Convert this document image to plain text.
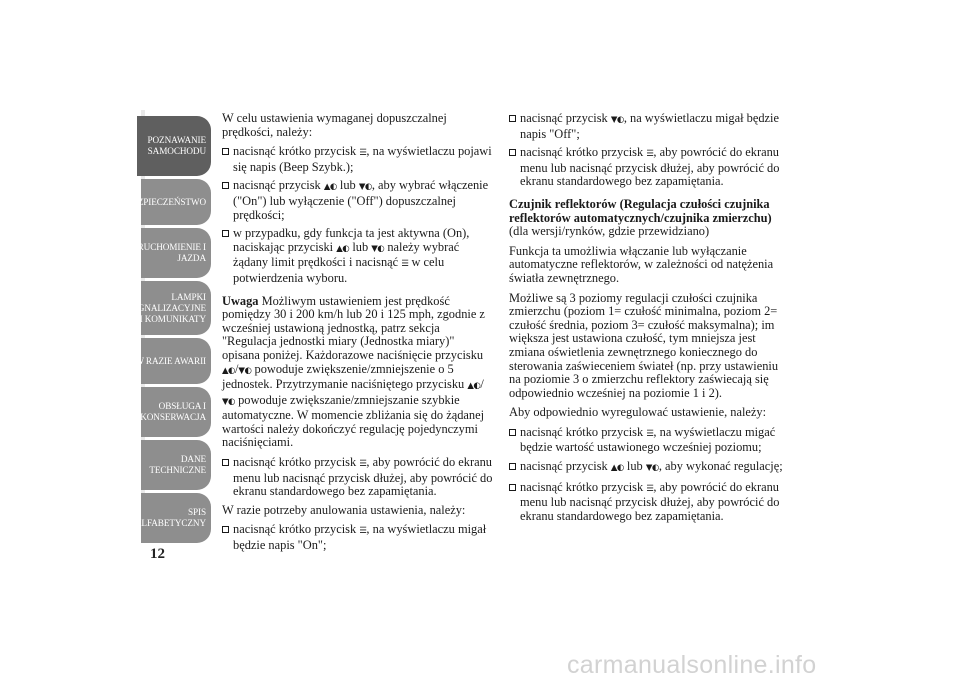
POZNAWANIE
SAMOCHODU
BEZPIECZEŃSTWO
URUCHOMIENIE I
JAZDA
LAMPKI
SYGNALIZACYJNE
I KOMUNIKATY
W RAZIE AWARII
OBSŁUGA I
KONSERWACJA
DANE
TECHNICZNE
SPIS
ALFABETYCZNY
12

W celu ustawienia wymaganej dopuszczalnej prędkości, należy:

nacisnąć krótko przycisk ☰, na wyświetlaczu pojawi się napis (Beep Szybk.);
nacisnąć przycisk ▲◐ lub ▼◐, aby wybrać włączenie ("On") lub wyłączenie ("Off") dopuszczalnej prędkości;
w przypadku, gdy funkcja ta jest aktywna (On), naciskając przyciski ▲◐ lub ▼◐ należy wybrać żądany limit prędkości i nacisnąć ☰ w celu potwierdzenia wyboru.

Uwaga Możliwym ustawieniem jest prędkość pomiędzy 30 i 200 km/h lub 20 i 125 mph, zgodnie z wcześniej ustawioną jednostką, patrz sekcja "Regulacja jednostki miary (Jednostka miary)" opisana poniżej. Każdorazowe naciśnięcie przycisku ▲◐/▼◐ powoduje zwiększenie/zmniejszenie o 5 jednostek. Przytrzymanie naciśniętego przycisku ▲◐/▼◐ powoduje zwiększanie/zmniejszanie szybkie automatyczne. W momencie zbliżania się do żądanej wartości należy dokończyć regulację pojedynczymi naciśnięciami.

nacisnąć krótko przycisk ☰, aby powrócić do ekranu menu lub nacisnąć przycisk dłużej, aby powrócić do ekranu standardowego bez zapamiętania.

W razie potrzeby anulowania ustawienia, należy:

nacisnąć krótko przycisk ☰, na wyświetlaczu migał będzie napis "On";
nacisnąć przycisk ▼◐, na wyświetlaczu migał będzie napis "Off";
nacisnąć krótko przycisk ☰, aby powrócić do ekranu menu lub nacisnąć przycisk dłużej, aby powrócić do ekranu standardowego bez zapamiętania.

Czujnik reflektorów (Regulacja czułości czujnika reflektorów automatycznych/czujnika zmierzchu)

(dla wersji/rynków, gdzie przewidziano)

Funkcja ta umożliwia włączanie lub wyłączanie automatyczne reflektorów, w zależności od natężenia światła zewnętrznego.

Możliwe są 3 poziomy regulacji czułości czujnika zmierzchu (poziom 1= czułość minimalna, poziom 2= czułość średnia, poziom 3= czułość maksymalna); im większa jest ustawiona czułość, tym mniejsza jest zmiana oświetlenia zewnętrznego koniecznego do sterowania zaświeceniem świateł (np. przy ustawieniu na poziomie 3 o zmierzchu reflektory zaświecają się odpowiednio wcześniej na poziomie 1 i 2).

Aby odpowiednio wyregulować ustawienie, należy:

nacisnąć krótko przycisk ☰, na wyświetlaczu migać będzie wartość ustawionego wcześniej poziomu;
nacisnąć przycisk ▲◐ lub ▼◐, aby wykonać regulację;
nacisnąć krótko przycisk ☰, aby powrócić do ekranu menu lub nacisnąć przycisk dłużej, aby powrócić do ekranu standardowego bez zapamiętania.
carmanualsonline.info
